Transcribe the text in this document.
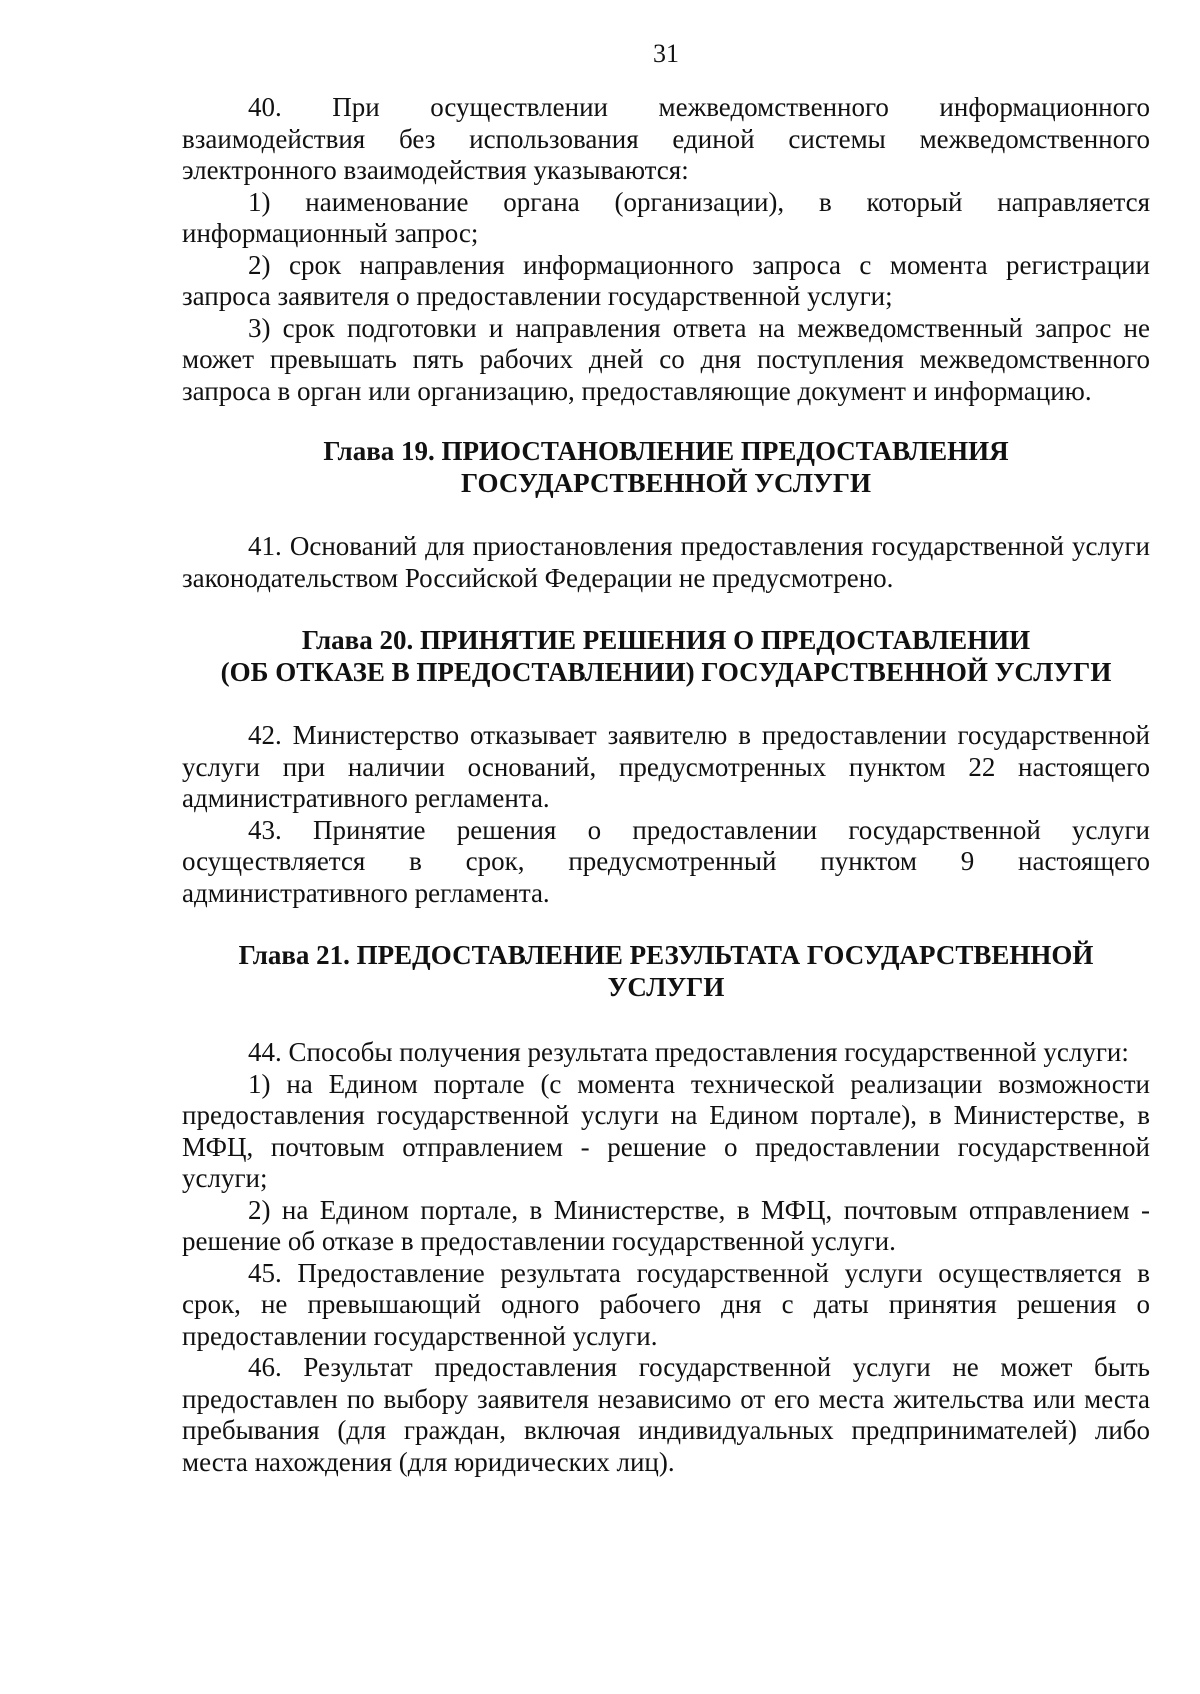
31

40. При осуществлении межведомственного информационного взаимодействия без использования единой системы межведомственного электронного взаимодействия указываются:

1) наименование органа (организации), в который направляется информационный запрос;

2) срок направления информационного запроса с момента регистрации запроса заявителя о предоставлении государственной услуги;

3) срок подготовки и направления ответа на межведомственный запрос не может превышать пять рабочих дней со дня поступления межведомственного запроса в орган или организацию, предоставляющие документ и информацию.

Глава 19. ПРИОСТАНОВЛЕНИЕ ПРЕДОСТАВЛЕНИЯ
ГОСУДАРСТВЕННОЙ УСЛУГИ

41. Оснований для приостановления предоставления государственной услуги законодательством Российской Федерации не предусмотрено.

Глава 20. ПРИНЯТИЕ РЕШЕНИЯ О ПРЕДОСТАВЛЕНИИ
(ОБ ОТКАЗЕ В ПРЕДОСТАВЛЕНИИ) ГОСУДАРСТВЕННОЙ УСЛУГИ

42. Министерство отказывает заявителю в предоставлении государственной услуги при наличии оснований, предусмотренных пунктом 22 настоящего административного регламента.

43. Принятие решения о предоставлении государственной услуги осуществляется в срок, предусмотренный пунктом 9 настоящего административного регламента.

Глава 21. ПРЕДОСТАВЛЕНИЕ РЕЗУЛЬТАТА ГОСУДАРСТВЕННОЙ
УСЛУГИ

44. Способы получения результата предоставления государственной услуги:

1) на Едином портале (с момента технической реализации возможности предоставления государственной услуги на Едином портале), в Министерстве, в МФЦ, почтовым отправлением - решение о предоставлении государственной услуги;

2) на Едином портале, в Министерстве, в МФЦ, почтовым отправлением - решение об отказе в предоставлении государственной услуги.

45. Предоставление результата государственной услуги осуществляется в срок, не превышающий одного рабочего дня с даты принятия решения о предоставлении государственной услуги.

46. Результат предоставления государственной услуги не может быть предоставлен по выбору заявителя независимо от его места жительства или места пребывания (для граждан, включая индивидуальных предпринимателей) либо места нахождения (для юридических лиц).
